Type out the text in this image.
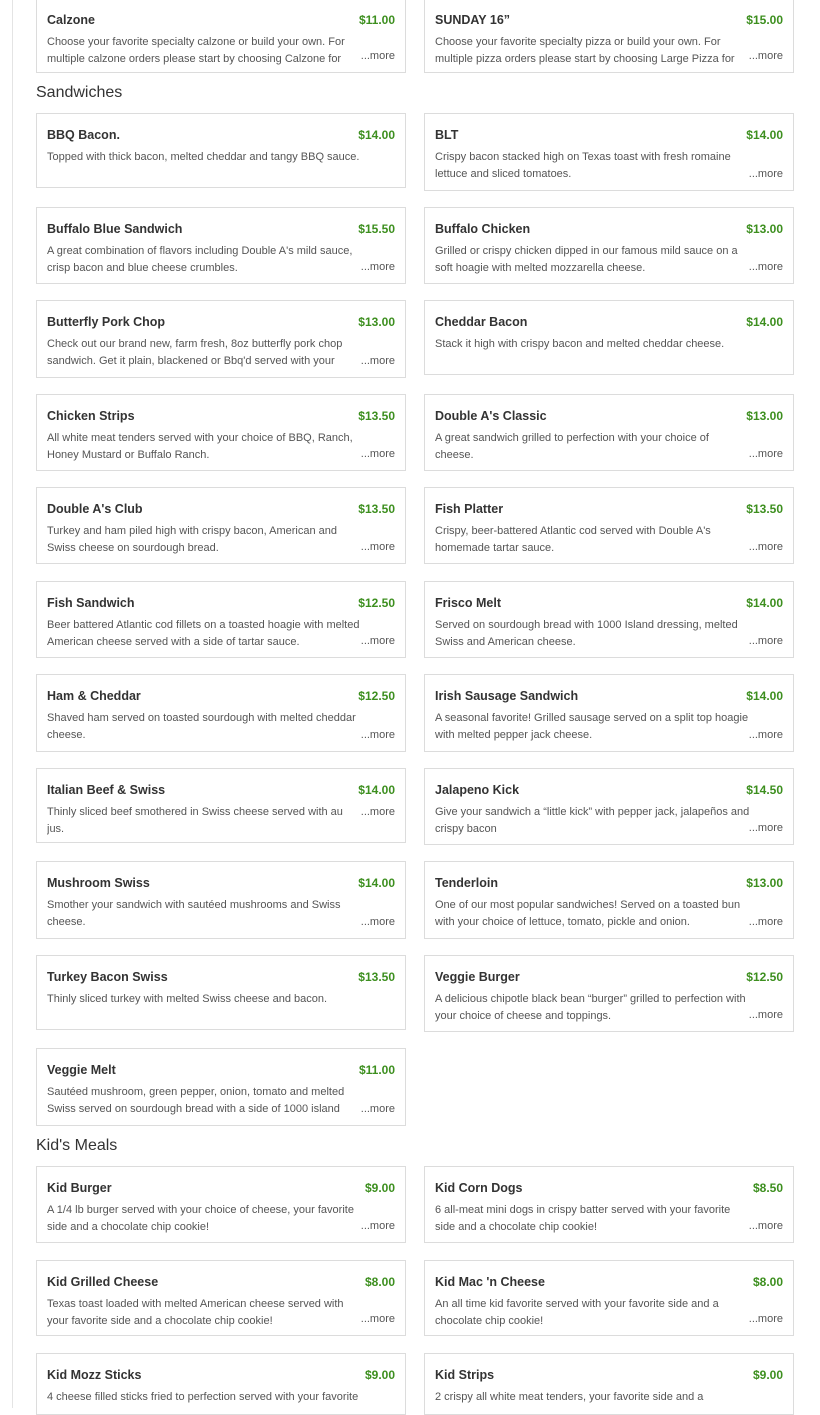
Calzone	$11.00
Choose your favorite specialty calzone or build your own. For multiple calzone orders please start by choosing Calzone for	...more
SUNDAY 16”	$15.00
Choose your favorite specialty pizza or build your own. For multiple pizza orders please start by choosing Large Pizza for	...more
Sandwiches
BBQ Bacon.	$14.00
Topped with thick bacon, melted cheddar and tangy BBQ sauce.
BLT	$14.00
Crispy bacon stacked high on Texas toast with fresh romaine lettuce and sliced tomatoes.	...more
Buffalo Blue Sandwich	$15.50
A great combination of flavors including Double A's mild sauce, crisp bacon and blue cheese crumbles.	...more
Buffalo Chicken	$13.00
Grilled or crispy chicken dipped in our famous mild sauce on a soft hoagie with melted mozzarella cheese.	...more
Butterfly Pork Chop	$13.00
Check out our brand new, farm fresh, 8oz butterfly pork chop sandwich. Get it plain, blackened or Bbq'd served with your	...more
Cheddar Bacon	$14.00
Stack it high with crispy bacon and melted cheddar cheese.
Chicken Strips	$13.50
All white meat tenders served with your choice of BBQ, Ranch, Honey Mustard or Buffalo Ranch.	...more
Double A's Classic	$13.00
A great sandwich grilled to perfection with your choice of cheese.	...more
Double A's Club	$13.50
Turkey and ham piled high with crispy bacon, American and Swiss cheese on sourdough bread.	...more
Fish Platter	$13.50
Crispy, beer-battered Atlantic cod served with Double A's homemade tartar sauce.	...more
Fish Sandwich	$12.50
Beer battered Atlantic cod fillets on a toasted hoagie with melted American cheese served with a side of tartar sauce.	...more
Frisco Melt	$14.00
Served on sourdough bread with 1000 Island dressing, melted Swiss and American cheese.	...more
Ham & Cheddar	$12.50
Shaved ham served on toasted sourdough with melted cheddar cheese.	...more
Irish Sausage Sandwich	$14.00
A seasonal favorite! Grilled sausage served on a split top hoagie with melted pepper jack cheese.	...more
Italian Beef & Swiss	$14.00
Thinly sliced beef smothered in Swiss cheese served with au jus.
...more
Jalapeno Kick	$14.50
Give your sandwich a “little kick” with pepper jack, jalapeños and crispy bacon	...more
Mushroom Swiss	$14.00
Smother your sandwich with sautéed mushrooms and Swiss cheese.	...more
Tenderloin	$13.00
One of our most popular sandwiches! Served on a toasted bun with your choice of lettuce, tomato, pickle and onion.	...more
Turkey Bacon Swiss	$13.50
Thinly sliced turkey with melted Swiss cheese and bacon.
Veggie Burger	$12.50
A delicious chipotle black bean “burger” grilled to perfection with your choice of cheese and toppings.	...more
Veggie Melt	$11.00
Sautéed mushroom, green pepper, onion, tomato and melted Swiss served on sourdough bread with a side of 1000 island	...more
Kid's Meals
Kid Burger	$9.00
A 1/4 lb burger served with your choice of cheese, your favorite side and a chocolate chip cookie!	...more
Kid Corn Dogs	$8.50
6 all-meat mini dogs in crispy batter served with your favorite side and a chocolate chip cookie!	...more
Kid Grilled Cheese	$8.00
Texas toast loaded with melted American cheese served with your favorite side and a chocolate chip cookie!	...more
Kid Mac 'n Cheese	$8.00
An all time kid favorite served with your favorite side and a chocolate chip cookie!	...more
Kid Mozz Sticks	$9.00
4 cheese filled sticks fried to perfection served with your favorite
Kid Strips	$9.00
2 crispy all white meat tenders, your favorite side and a
